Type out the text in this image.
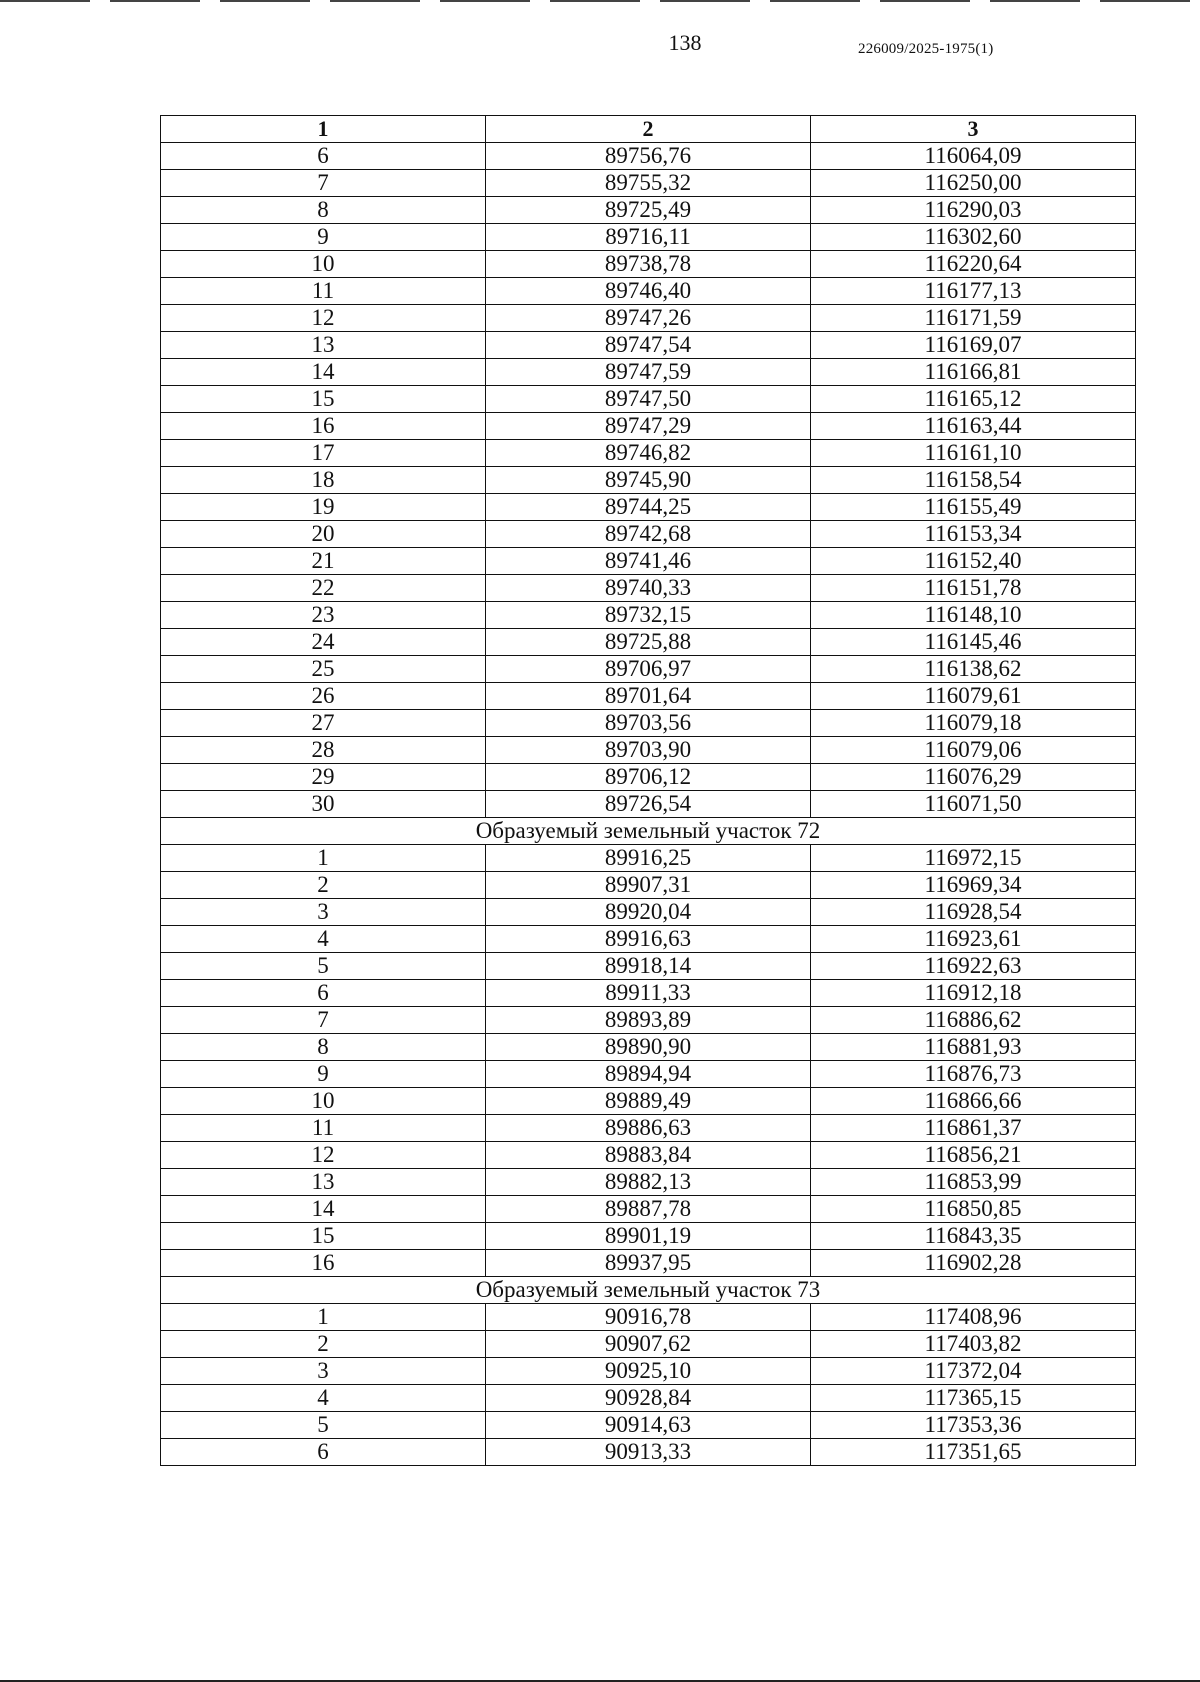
138	226009/2025-1975(1)
1	2	3
6	89756,76	116064,09
7	89755,32	116250,00
8	89725,49	116290,03
9	89716,11	116302,60
10	89738,78	116220,64
11	89746,40	116177,13
12	89747,26	116171,59
13	89747,54	116169,07
14	89747,59	116166,81
15	89747,50	116165,12
16	89747,29	116163,44
17	89746,82	116161,10
18	89745,90	116158,54
19	89744,25	116155,49
20	89742,68	116153,34
21	89741,46	116152,40
22	89740,33	116151,78
23	89732,15	116148,10
24	89725,88	116145,46
25	89706,97	116138,62
26	89701,64	116079,61
27	89703,56	116079,18
28	89703,90	116079,06
29	89706,12	116076,29
30	89726,54	116071,50
Образуемый земельный участок 72		
1	89916,25	116972,15
2	89907,31	116969,34
3	89920,04	116928,54
4	89916,63	116923,61
5	89918,14	116922,63
6	89911,33	116912,18
7	89893,89	116886,62
8	89890,90	116881,93
9	89894,94	116876,73
10	89889,49	116866,66
11	89886,63	116861,37
12	89883,84	116856,21
13	89882,13	116853,99
14	89887,78	116850,85
15	89901,19	116843,35
16	89937,95	116902,28
Образуемый земельный участок 73		
1	90916,78	117408,96
2	90907,62	117403,82
3	90925,10	117372,04
4	90928,84	117365,15
5	90914,63	117353,36
6	90913,33	117351,65
